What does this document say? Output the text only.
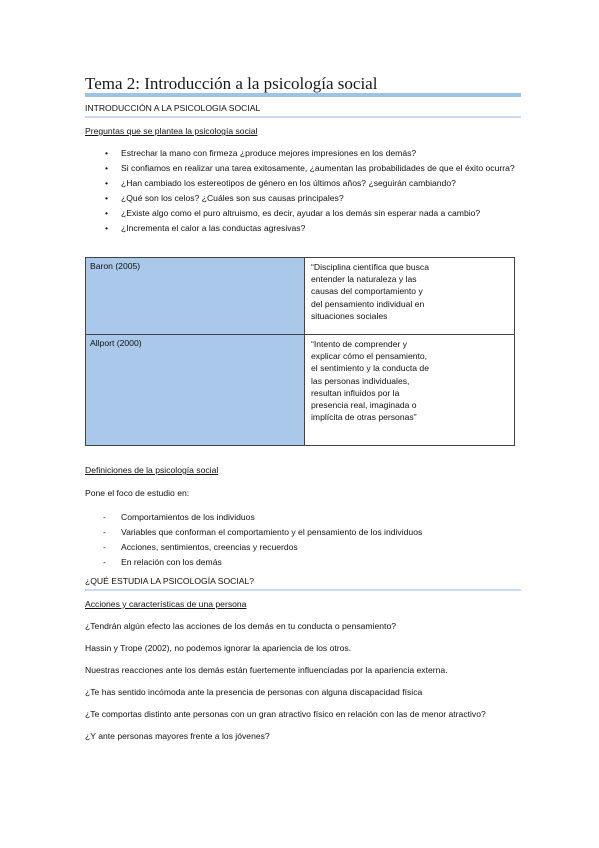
Tema 2: Introducción a la psicología social
INTRODUCCIÓN A LA PSICOLOGIA SOCIAL
Preguntas que se plantea la psicología social
• Estrechar la mano con firmeza ¿produce mejores impresiones en los demás?
• Si confiamos en realizar una tarea exitosamente, ¿aumentan las probabilidades de que el éxito ocurra?
• ¿Han cambiado los estereotipos de género en los últimos años? ¿seguirán cambiando?
• ¿Qué son los celos? ¿Cuáles son sus causas principales?
• ¿Existe algo como el puro altruismo, es decir, ayudar a los demás sin esperar nada a cambio?
• ¿Incrementa el calor a las conductas agresivas?
Baron (2005)	“Disciplina científica que busca entender la naturaleza y las causas del comportamiento y del pensamiento individual en situaciones sociales

Allport (2000)	“Intento de comprender y explicar cómo el pensamiento, el sentimiento y la conducta de las personas individuales, resultan influidos por la presencia real, imaginada o implícita de otras personas”
Definiciones de la psicología social
Pone el foco de estudio en:
- Comportamientos de los individuos
- Variables que conforman el comportamiento y el pensamiento de los individuos
- Acciones, sentimientos, creencias y recuerdos
- En relación con los demás
¿QUÉ ESTUDIA LA PSICOLOGÍA SOCIAL?
Acciones y características de una persona
¿Tendrán algún efecto las acciones de los demás en tu conducta o pensamiento?
Hassin y Trope (2002), no podemos ignorar la apariencia de los otros.
Nuestras reacciones ante los demás están fuertemente influenciadas por la apariencia externa.
¿Te has sentido incómoda ante la presencia de personas con alguna discapacidad física
¿Te comportas distinto ante personas con un gran atractivo físico en relación con las de menor atractivo?
¿Y ante personas mayores frente a los jóvenes?
